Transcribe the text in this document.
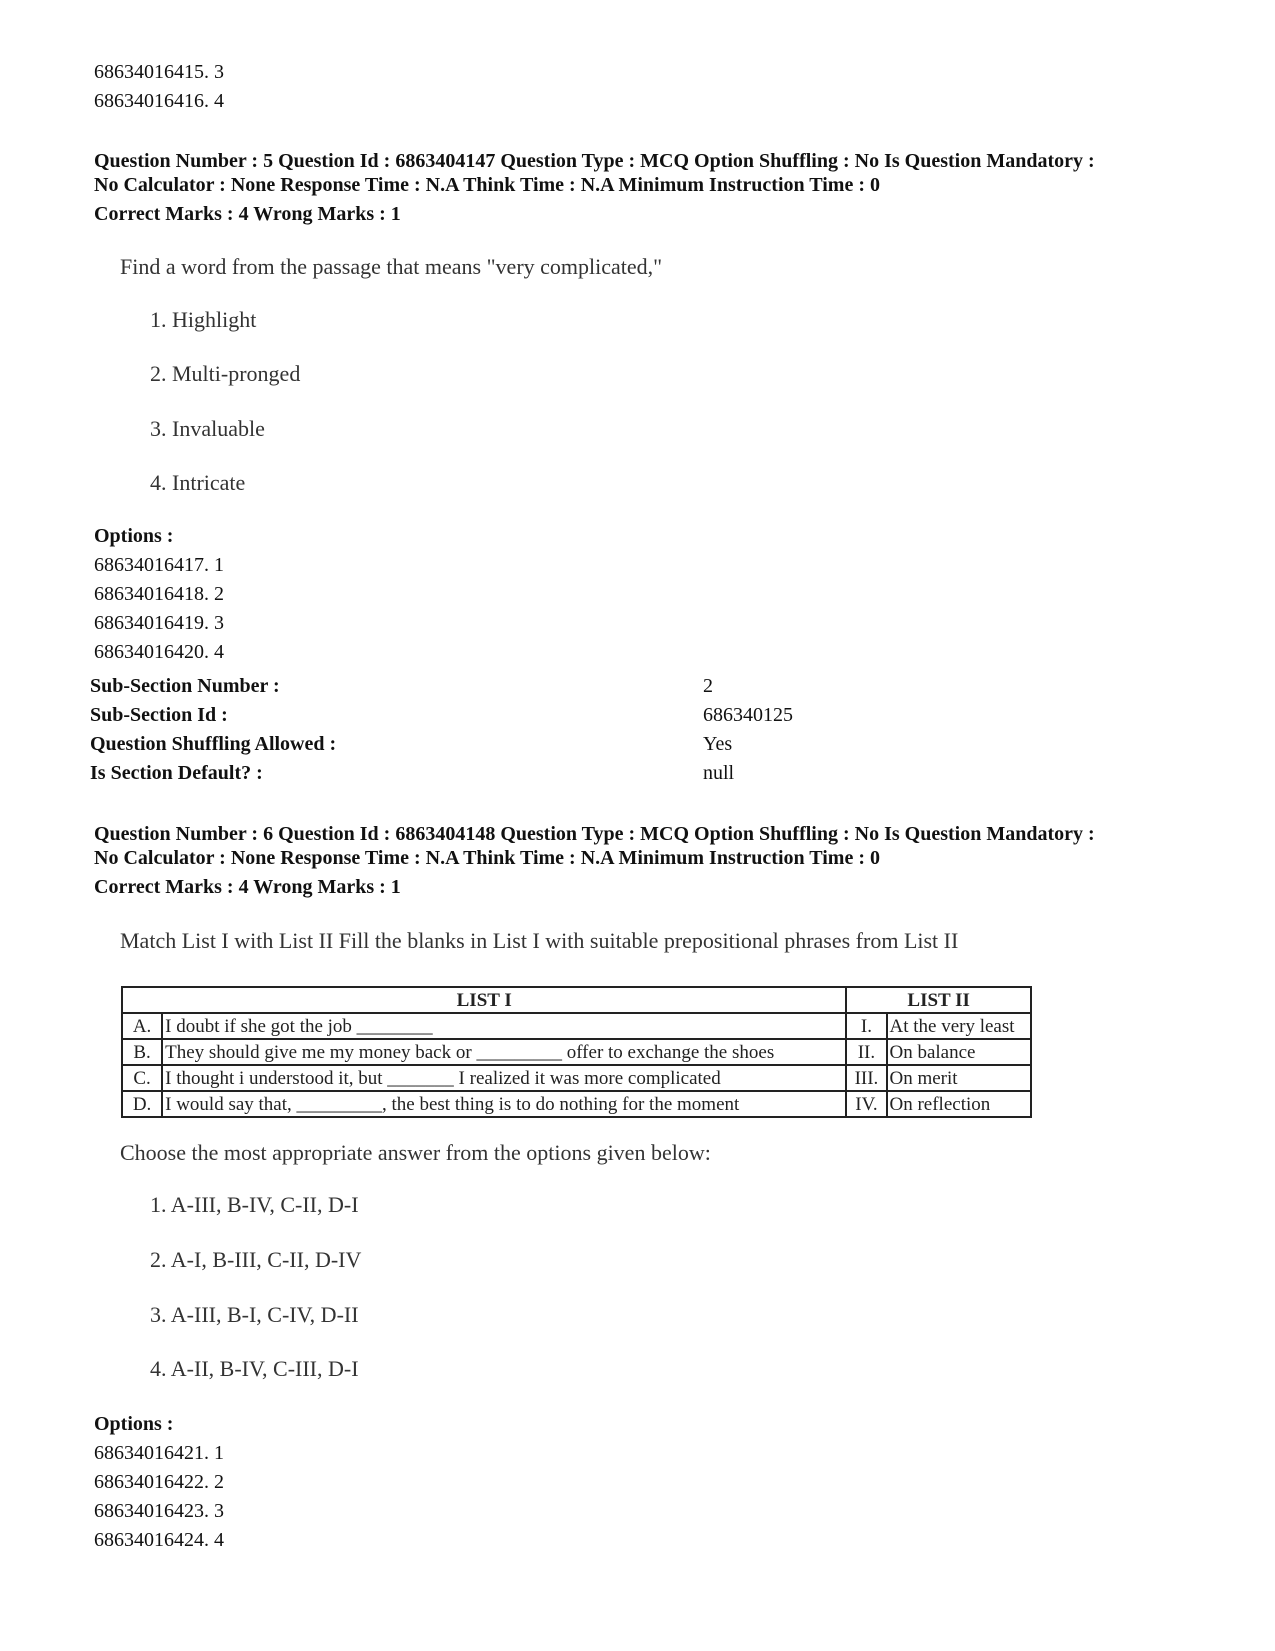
68634016415. 3
68634016416. 4
Question Number : 5 Question Id : 6863404147 Question Type : MCQ Option Shuffling : No Is Question Mandatory :
No Calculator : None Response Time : N.A Think Time : N.A Minimum Instruction Time : 0
Correct Marks : 4 Wrong Marks : 1
Find a word from the passage that means "very complicated,"
1. Highlight
2. Multi-pronged
3. Invaluable
4. Intricate
Options :
68634016417. 1
68634016418. 2
68634016419. 3
68634016420. 4
Sub-Section Number :	2
Sub-Section Id :	686340125
Question Shuffling Allowed :	Yes
Is Section Default? :	null
Question Number : 6 Question Id : 6863404148 Question Type : MCQ Option Shuffling : No Is Question Mandatory :
No Calculator : None Response Time : N.A Think Time : N.A Minimum Instruction Time : 0
Correct Marks : 4 Wrong Marks : 1
Match List I with List II Fill the blanks in List I with suitable prepositional phrases from List II
LIST I		LIST II	
A.	I doubt if she got the job ________	I.	At the very least
B.	They should give me my money back or _________ offer to exchange the shoes	II.	On balance
C.	I thought i understood it, but _______ I realized it was more complicated	III.	On merit
D.	I would say that, _________, the best thing is to do nothing for the moment	IV.	On reflection
Choose the most appropriate answer from the options given below:
1. A-III, B-IV, C-II, D-I
2. A-I, B-III, C-II, D-IV
3. A-III, B-I, C-IV, D-II
4. A-II, B-IV, C-III, D-I
Options :
68634016421. 1
68634016422. 2
68634016423. 3
68634016424. 4
